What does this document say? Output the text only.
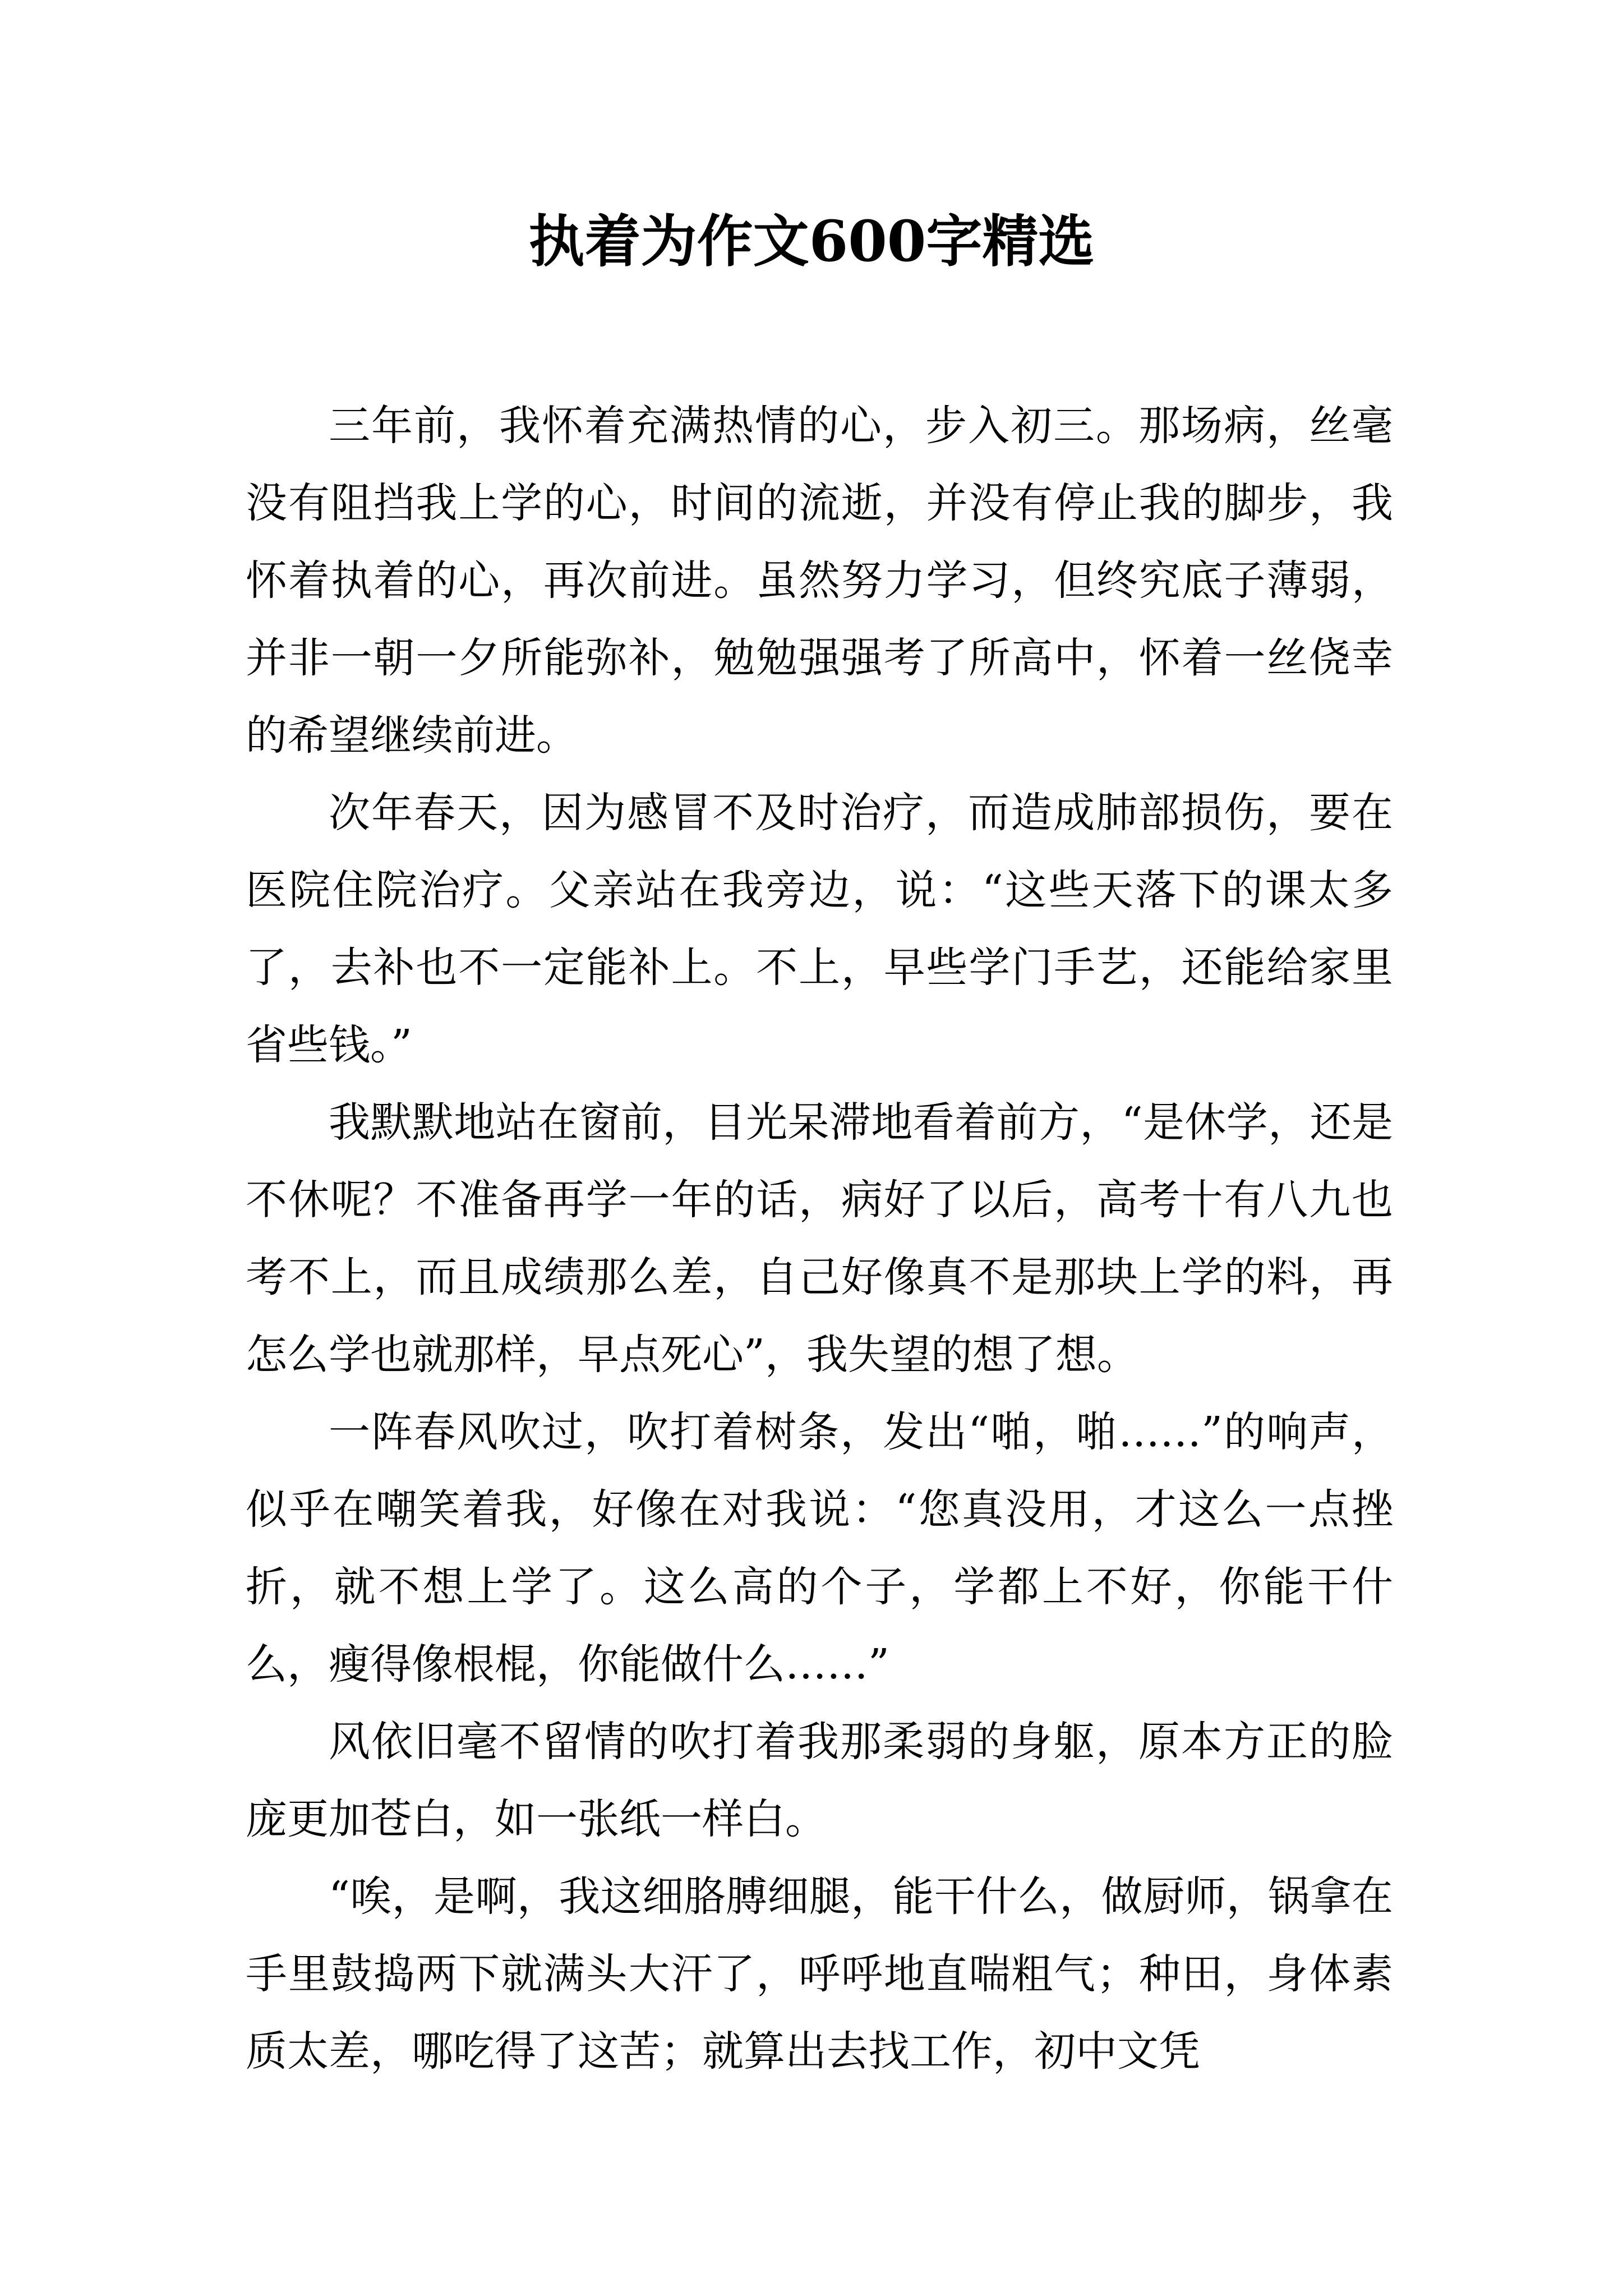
执着为作文600字精选

三年前，我怀着充满热情的心，步入初三。那场病，丝毫没有阻挡我上学的心，时间的流逝，并没有停止我的脚步，我怀着执着的心，再次前进。虽然努力学习，但终究底子薄弱，并非一朝一夕所能弥补，勉勉强强考了所高中，怀着一丝侥幸的希望继续前进。

次年春天，因为感冒不及时治疗，而造成肺部损伤，要在医院住院治疗。父亲站在我旁边，说：“这些天落下的课太多了，去补也不一定能补上。不上，早些学门手艺，还能给家里省些钱。”

我默默地站在窗前，目光呆滞地看着前方，“是休学，还是不休呢？不准备再学一年的话，病好了以后，高考十有八九也考不上，而且成绩那么差，自己好像真不是那块上学的料，再怎么学也就那样，早点死心”，我失望的想了想。

一阵春风吹过，吹打着树条，发出“啪，啪……”的响声，似乎在嘲笑着我，好像在对我说：“您真没用，才这么一点挫折，就不想上学了。这么高的个子，学都上不好，你能干什么，瘦得像根棍，你能做什么……”

风依旧毫不留情的吹打着我那柔弱的身躯，原本方正的脸庞更加苍白，如一张纸一样白。

“唉，是啊，我这细胳膊细腿，能干什么，做厨师，锅拿在手里鼓捣两下就满头大汗了，呼呼地直喘粗气；种田，身体素质太差，哪吃得了这苦；就算出去找工作，初中文凭
